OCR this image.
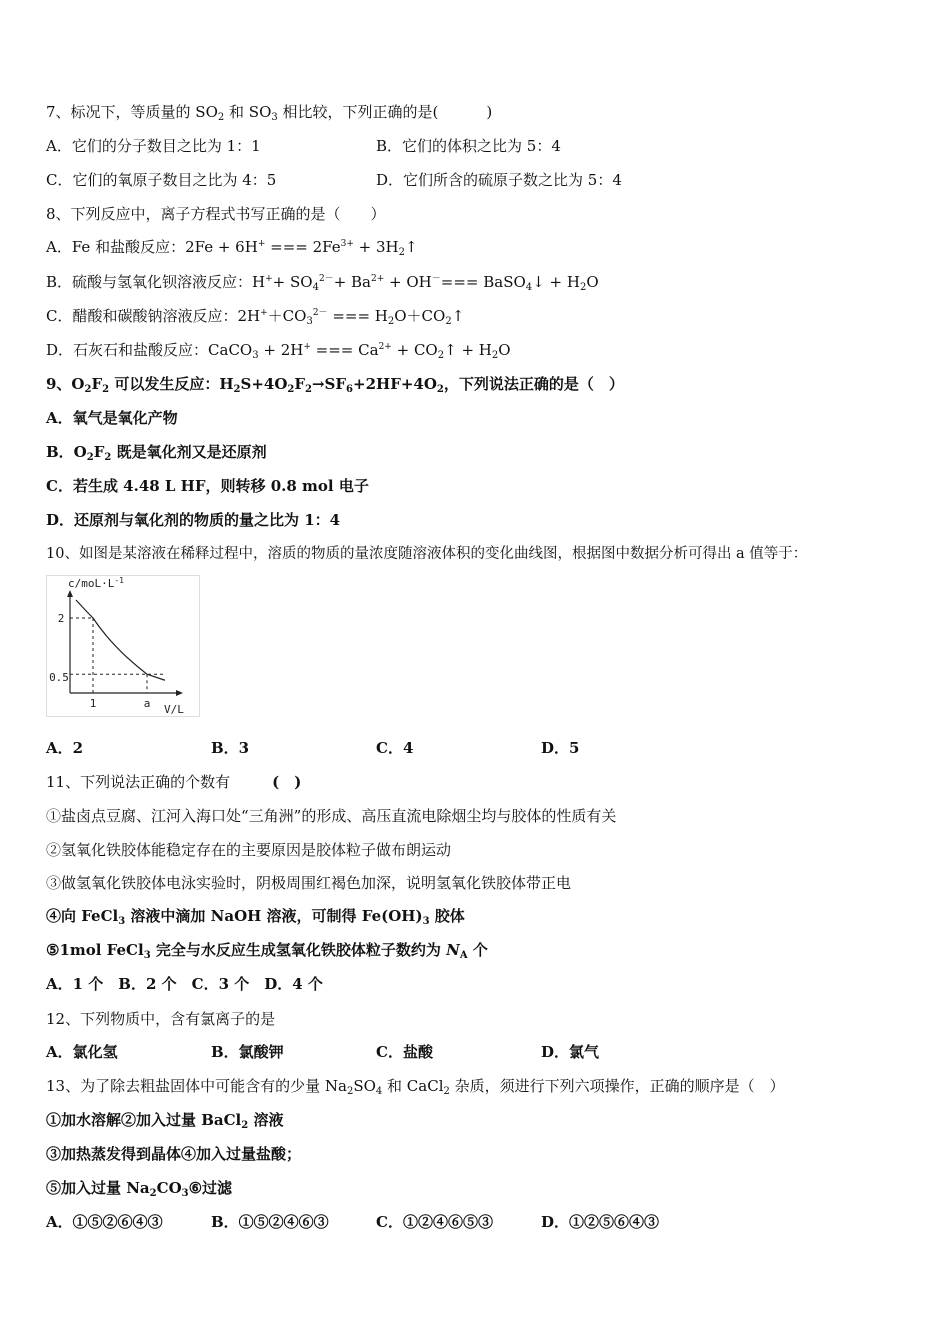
7、标况下，等质量的 $SO_2$ 和 $SO_3$ 相比较，下列正确的是(	)
A．它们的分子数目之比为 1：1	B．它们的体积之比为 5：4
C．它们的氧原子数目之比为 4：5	D．它们所含的硫原子数之比为 5：4
8、下列反应中，离子方程式书写正确的是（　　）
A．Fe 和盐酸反应：2Fe + 6H+ === $2Fe^{3+}$ + $3H_2↑$
B．硫酸与氢氧化钡溶液反应：$H^++ SO_4^{2-}+ Ba^{2+} + OH^-===$ BaSO$_4$↓ + $H_2O$
C．醋酸和碳酸钠溶液反应：$2H^++CO_3^{2-}$ === $H_2O+CO_2↑$
D．石灰石和盐酸反应：CaCO$_3$ + 2H+ === $Ca^{2+}$ + $CO_2↑ + H_2O$
9、$O_2F_2$ 可以发生反应：$H_2S+4O_2F_2\to SF_6+2HF+4O_2$，下列说法正确的是（　）
A．氧气是氧化产物
B．$O_2F_2$ 既是氧化剂又是还原剂
C．若生成 4.48 L HF，则转移 0.8 mol 电子
D．还原剂与氧化剂的物质的量之比为 1：4
10、如图是某溶液在稀释过程中，溶质的物质的量浓度随溶液体积的变化曲线图，根据图中数据分析可得出 a 值等于：
$c/moL\cdot L^{-1}$
V/L
2
0.5
1	a
A．2	B．3	C．4	D．5
11、下列说法正确的个数有	(　)
①盐卤点豆腐、江河入海口处“三角洲”的形成、高压直流电除烟尘均与胶体的性质有关
②氢氧化铁胶体能稳定存在的主要原因是胶体粒子做布朗运动
③做氢氧化铁胶体电泳实验时，阴极周围红褐色加深，说明氢氧化铁胶体带正电
④向 FeCl$_3$ 溶液中滴加 NaOH 溶液，可制得 $Fe(OH)_3$ 胶体
⑤1mol FeCl$_3$ 完全与水反应生成氢氧化铁胶体粒子数约为 $N_A$ 个
A．1 个　B．2 个　C．3 个　D．4 个
12、下列物质中，含有氯离子的是
A．氯化氢	B．氯酸钾	C．盐酸	D．氯气
13、为了除去粗盐固体中可能含有的少量 $Na_2SO_4$ 和 CaCl$_2$ 杂质，须进行下列六项操作，正确的顺序是（　）
①加水溶解②加入过量 BaCl$_2$ 溶液
③加热蒸发得到晶体④加入过量盐酸；
⑤加入过量 $Na_2CO_3⑥$过滤
A．①⑤②⑥④③	B．①⑤②④⑥③	C．①②④⑥⑤③	D．①②⑤⑥④③
